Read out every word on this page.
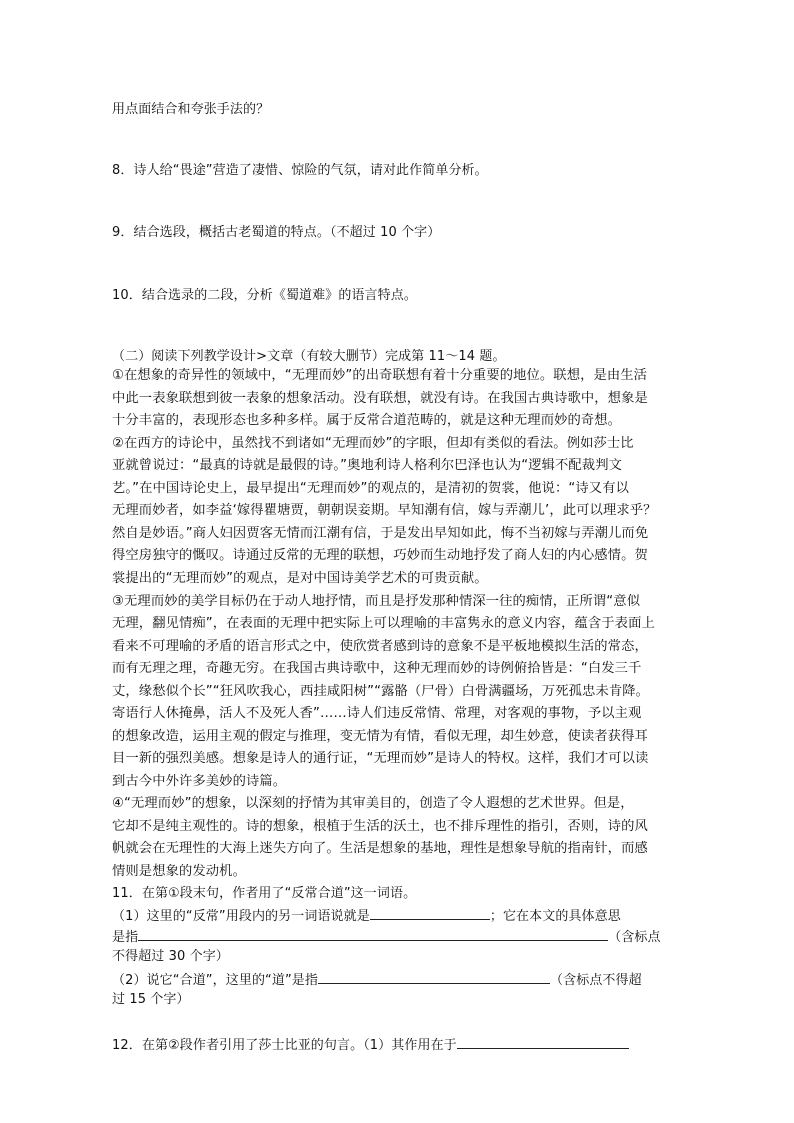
用点面结合和夸张手法的？
8．诗人给“畏途”营造了凄惜、惊险的气氛，请对此作简单分析。
9．结合选段，概括古老蜀道的特点。（不超过 10 个字）
10．结合选录的二段，分析《蜀道难》的语言特点。
（二）阅读下列教学设计>文章（有较大删节）完成第 11～14 题。
①在想象的奇异性的领域中，“无理而妙”的出奇联想有着十分重要的地位。联想，是由生活
中此一表象联想到彼一表象的想象活动。没有联想，就没有诗。在我国古典诗歌中，想象是
十分丰富的，表现形态也多种多样。属于反常合道范畴的，就是这种无理而妙的奇想。
②在西方的诗论中，虽然找不到诸如“无理而妙”的字眼，但却有类似的看法。例如莎士比
亚就曾说过：“最真的诗就是最假的诗。”奥地利诗人格利尔巴泽也认为“逻辑不配裁判文
艺。”在中国诗论史上，最早提出“无理而妙”的观点的，是清初的贺裳，他说：“诗又有以
无理而妙者，如李益‘嫁得瞿塘贾，朝朝误妾期。早知潮有信，嫁与弄潮儿’，此可以理求乎？
然自是妙语。”商人妇因贾客无情而江潮有信，于是发出早知如此，悔不当初嫁与弄潮儿而免
得空房独守的慨叹。诗通过反常的无理的联想，巧妙而生动地抒发了商人妇的内心感情。贺
裳提出的“无理而妙”的观点，是对中国诗美学艺术的可贵贡献。
③无理而妙的美学目标仍在于动人地抒情，而且是抒发那种情深一往的痴情，正所谓“意似
无理，翻见情痴”，在表面的无理中把实际上可以理喻的丰富隽永的意义内容，蕴含于表面上
看来不可理喻的矛盾的语言形式之中，使欣赏者感到诗的意象不是平板地模拟生活的常态，
而有无理之理，奇趣无穷。在我国古典诗歌中，这种无理而妙的诗例俯拾皆是：“白发三千
丈，缘愁似个长”“狂风吹我心，西挂咸阳树”“露骼（尸骨）白骨满疆场，万死孤忠未肯降。
寄语行人休掩鼻，活人不及死人香”……诗人们违反常情、常理，对客观的事物，予以主观
的想象改造，运用主观的假定与推理，变无情为有情，看似无理，却生妙意，使读者获得耳
目一新的强烈美感。想象是诗人的通行证，“无理而妙”是诗人的特权。这样，我们才可以读
到古今中外许多美妙的诗篇。
④“无理而妙”的想象，以深刻的抒情为其审美目的，创造了令人遐想的艺术世界。但是，
它却不是纯主观性的。诗的想象，根植于生活的沃土，也不排斥理性的指引，否则，诗的风
帆就会在无理性的大海上迷失方向了。生活是想象的基地，理性是想象导航的指南针，而感
情则是想象的发动机。
11．在第①段末句，作者用了“反常合道”这一词语。
（1）这里的“反常”用段内的另一词语说就是	；它在本文的具体意思
是指	（含标点
不得超过 30 个字）
（2）说它“合道”，这里的“道”是指	（含标点不得超
过 15 个字）
12．在第②段作者引用了莎士比亚的句言。（1）其作用在于
